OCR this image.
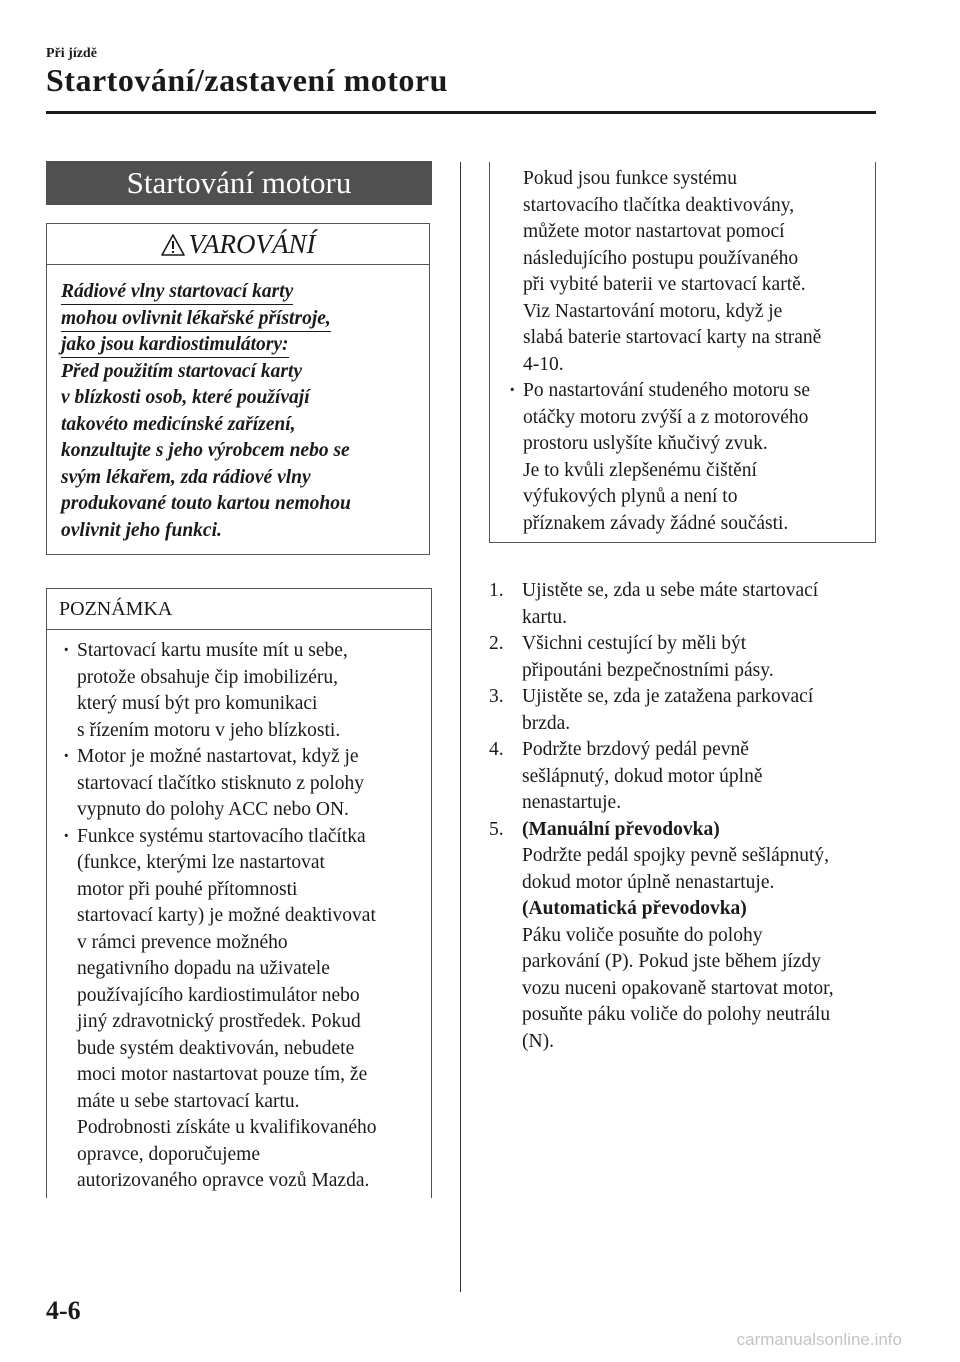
Při jízdě
Startování/zastavení motoru
Startování motoru
VAROVÁNÍ
Rádiové vlny startovací karty
mohou ovlivnit lékařské přístroje,
jako jsou kardiostimulátory:
Před použitím startovací karty
v blízkosti osob, které používají
takovéto medicínské zařízení,
konzultujte s jeho výrobcem nebo se
svým lékařem, zda rádiové vlny
produkované touto kartou nemohou
ovlivnit jeho funkci.
POZNÁMKA
· Startovací kartu musíte mít u sebe,
protože obsahuje čip imobilizéru,
který musí být pro komunikaci
s řízením motoru v jeho blízkosti.
· Motor je možné nastartovat, když je
startovací tlačítko stisknuto z polohy
vypnuto do polohy ACC nebo ON.
· Funkce systému startovacího tlačítka
(funkce, kterými lze nastartovat
motor při pouhé přítomnosti
startovací karty) je možné deaktivovat
v rámci prevence možného
negativního dopadu na uživatele
používajícího kardiostimulátor nebo
jiný zdravotnický prostředek. Pokud
bude systém deaktivován, nebudete
moci motor nastartovat pouze tím, že
máte u sebe startovací kartu.
Podrobnosti získáte u kvalifikovaného
opravce, doporučujeme
autorizovaného opravce vozů Mazda.

Pokud jsou funkce systému
startovacího tlačítka deaktivovány,
můžete motor nastartovat pomocí
následujícího postupu používaného
při vybité baterii ve startovací kartě.
Viz Nastartování motoru, když je
slabá baterie startovací karty na straně
4-10.

· Po nastartování studeného motoru se
otáčky motoru zvýší a z motorového
prostoru uslyšíte kňučivý zvuk.
Je to kvůli zlepšenému čištění
výfukových plynů a není to
příznakem závady žádné součásti.
1. Ujistěte se, zda u sebe máte startovací
kartu.
2. Všichni cestující by měli být
připoutáni bezpečnostními pásy.
3. Ujistěte se, zda je zatažena parkovací
brzda.
4. Podržte brzdový pedál pevně
sešlápnutý, dokud motor úplně
nenastartuje.
5. (Manuální převodovka)
Podržte pedál spojky pevně sešlápnutý,
dokud motor úplně nenastartuje.
(Automatická převodovka)
Páku voliče posuňte do polohy
parkování (P). Pokud jste během jízdy
vozu nuceni opakovaně startovat motor,
posuňte páku voliče do polohy neutrálu
(N).
4-6
carmanualsonline.info
